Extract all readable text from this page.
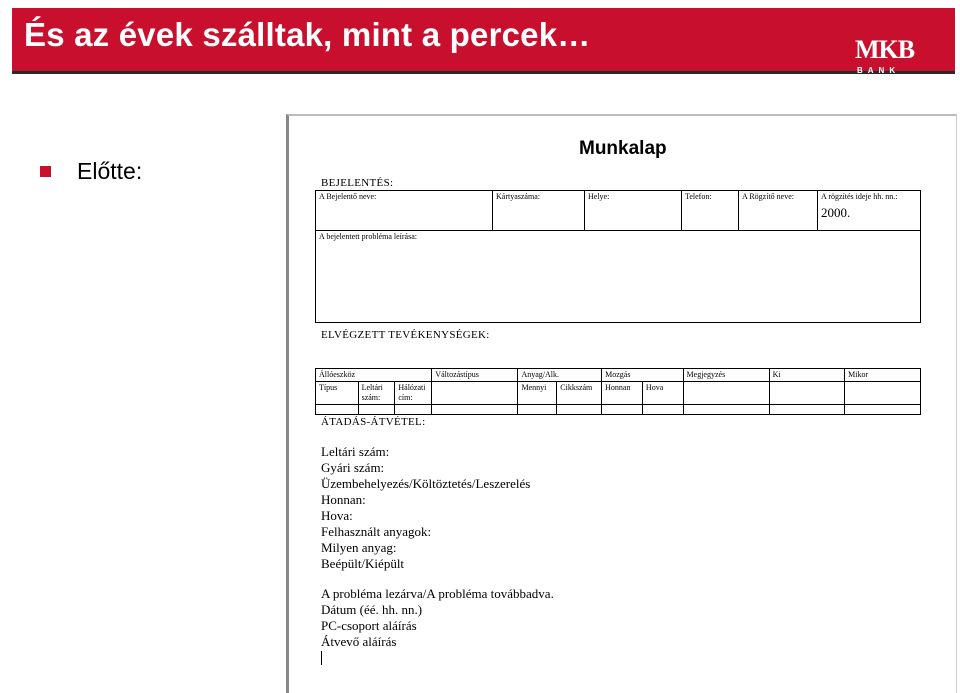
És az évek szálltak, mint a percek…	MKB
BANK
Előtte:
Munkalap
BEJELENTÉS:
A Bejelentő neve:	Kártyaszáma:	Helye:	Telefon:	A Rögzítő neve:	A rögzítés ideje hh. nn.:
2000.

A bejelentett probléma leírása:
ELVÉGZETT TEVÉKENYSÉGEK:
Állóeszköz			Változástípus	Anyag/Alk.		Mozgás		Megjegyzés	Ki	Mikor
Típus	Leltári szám:	Hálózati cím:		Mennyi	Cikkszám	Honnan	Hova			

ÁTADÁS-ÁTVÉTEL:
Leltári szám:
Gyári szám:
Üzembehelyezés/Költöztetés/Leszerelés
Honnan:
Hova:
Felhasznált anyagok:
Milyen anyag:
Beépült/Kiépült
A probléma lezárva/A probléma továbbadva.
Dátum (éé. hh. nn.)
PC-csoport aláírás
Átvevő aláírás
